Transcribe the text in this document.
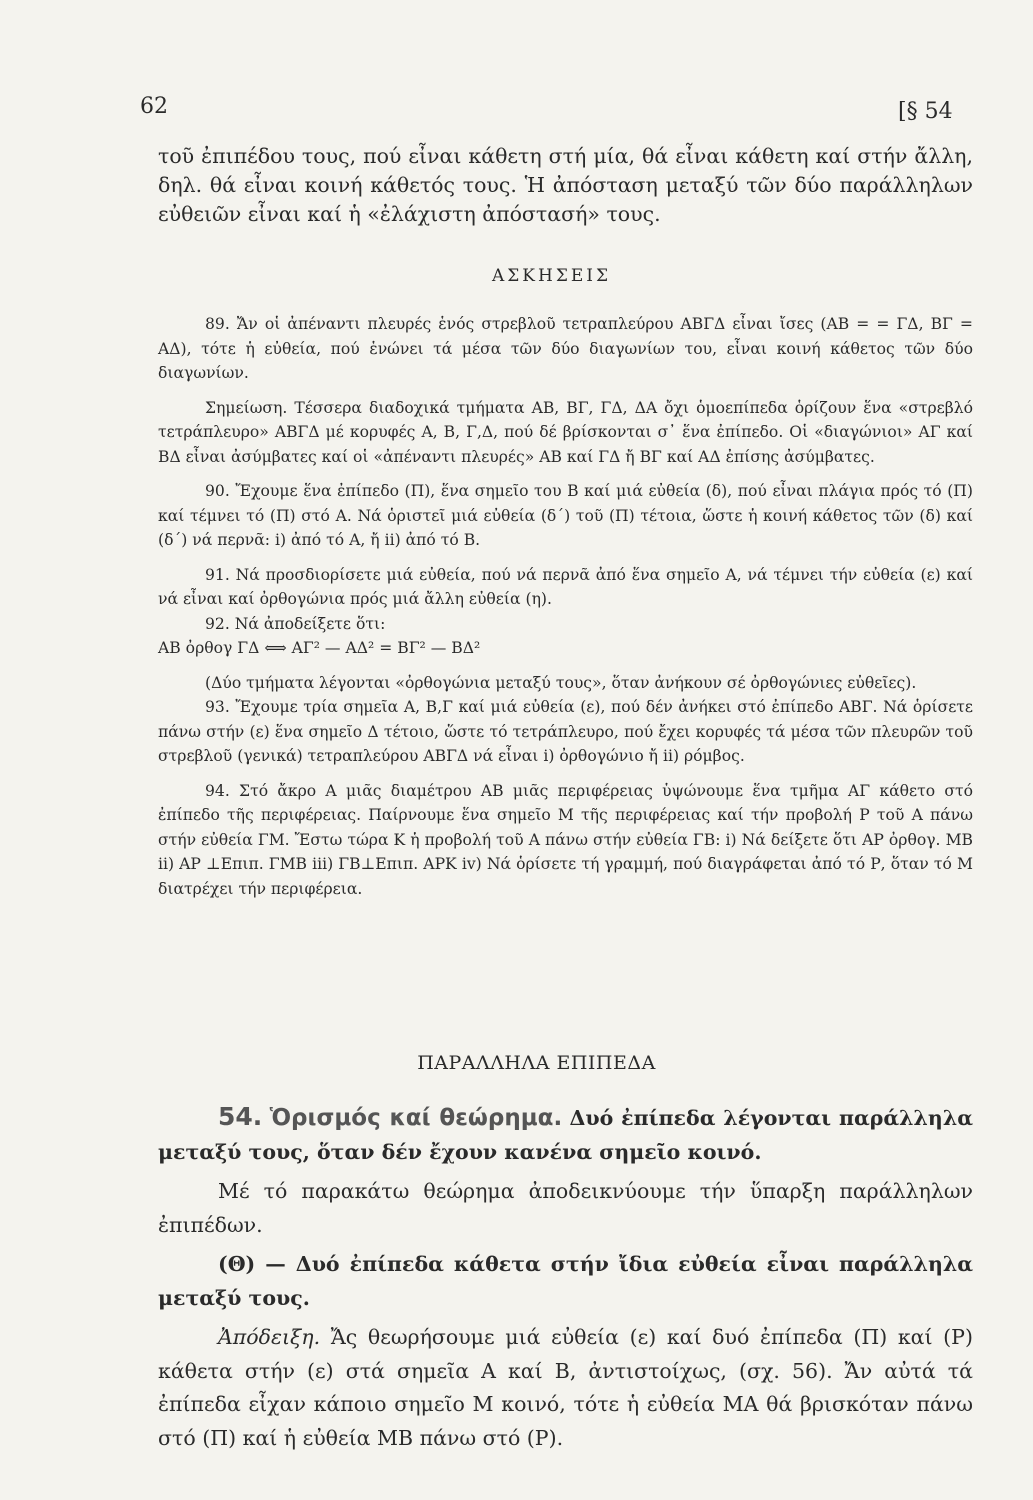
62	[§ 54

τοῦ ἐπιπέδου τους, πού εἶναι κάθετη στή μία, θά εἶναι κάθετη καί στήν ἄλλη, δηλ. θά εἶναι κοινή κάθετός τους. Ἡ ἀπόσταση μεταξύ τῶν δύο παράλληλων εὐθειῶν εἶναι καί ἡ «ἐλάχιστη ἀπόστασή» τους.

ΑΣΚΗΣΕΙΣ

89. Ἄν οἱ ἀπέναντι πλευρές ἑνός στρεβλοῦ τετραπλεύρου ΑΒΓΔ εἶναι ἴσες (ΑΒ = = ΓΔ, ΒΓ = ΑΔ), τότε ἡ εὐθεία, πού ἑνώνει τά μέσα τῶν δύο διαγωνίων του, εἶναι κοινή κάθετος τῶν δύο διαγωνίων.

Σημείωση. Τέσσερα διαδοχικά τμήματα ΑΒ, ΒΓ, ΓΔ, ΔΑ ὄχι ὁμοεπίπεδα ὁρίζουν ἕνα «στρεβλό τετράπλευρο» ΑΒΓΔ μέ κορυφές Α, Β, Γ,Δ, πού δέ βρίσκονται σ᾿ ἕνα ἐπίπεδο. Οἱ «διαγώνιοι» ΑΓ καί ΒΔ εἶναι ἀσύμβατες καί οἱ «ἀπέναντι πλευρές» ΑΒ καί ΓΔ ἤ ΒΓ καί ΑΔ ἐπίσης ἀσύμβατες.

90. Ἔχουμε ἕνα ἐπίπεδο (Π), ἕνα σημεῖο του Β καί μιά εὐθεία (δ), πού εἶναι πλάγια πρός τό (Π) καί τέμνει τό (Π) στό Α. Νά ὁριστεῖ μιά εὐθεία (δ΄) τοῦ (Π) τέτοια, ὥστε ἡ κοινή κάθετος τῶν (δ) καί (δ΄) νά περνᾶ: i) ἀπό τό Α, ἤ ii) ἀπό τό Β.

91. Νά προσδιορίσετε μιά εὐθεία, πού νά περνᾶ ἀπό ἕνα σημεῖο Α, νά τέμνει τήν εὐθεία (ε) καί νά εἶναι καί ὀρθογώνια πρός μιά ἄλλη εὐθεία (η).

92. Νά ἀποδείξετε ὅτι:

ΑΒ ὀρθογ ΓΔ ⟺ ΑΓ² — ΑΔ² = ΒΓ² — ΒΔ²

(Δύο τμήματα λέγονται «ὀρθογώνια μεταξύ τους», ὅταν ἀνήκουν σέ ὀρθογώνιες εὐθεῖες).

93. Ἔχουμε τρία σημεῖα Α, Β,Γ καί μιά εὐθεία (ε), πού δέν ἀνήκει στό ἐπίπεδο ΑΒΓ. Νά ὁρίσετε πάνω στήν (ε) ἕνα σημεῖο Δ τέτοιο, ὥστε τό τετράπλευρο, πού ἔχει κορυφές τά μέσα τῶν πλευρῶν τοῦ στρεβλοῦ (γενικά) τετραπλεύρου ΑΒΓΔ νά εἶναι i) ὀρθογώνιο ἤ ii) ρόμβος.

94. Στό ἄκρο Α μιᾶς διαμέτρου ΑΒ μιᾶς περιφέρειας ὑψώνουμε ἕνα τμῆμα ΑΓ κάθετο στό ἐπίπεδο τῆς περιφέρειας. Παίρνουμε ἕνα σημεῖο Μ τῆς περιφέρειας καί τήν προβολή Ρ τοῦ Α πάνω στήν εὐθεία ΓΜ. Ἔστω τώρα Κ ἡ προβολή τοῦ Α πάνω στήν εὐθεία ΓΒ: i) Νά δείξετε ὅτι ΑΡ ὀρθογ. ΜΒ ii) ΑΡ ⊥Επιπ. ΓΜΒ iii) ΓΒ⊥Επιπ. ΑΡΚ iv) Νά ὁρίσετε τή γραμμή, πού διαγράφεται ἀπό τό Ρ, ὅταν τό Μ διατρέχει τήν περιφέρεια.

ΠΑΡΑΛΛΗΛΑ ΕΠΙΠΕΔΑ

54. Ὁρισμός καί θεώρημα. Δυό ἐπίπεδα λέγονται παράλληλα μεταξύ τους, ὅταν δέν ἔχουν κανένα σημεῖο κοινό.

Μέ τό παρακάτω θεώρημα ἀποδεικνύουμε τήν ὕπαρξη παράλληλων ἐπιπέδων.

(Θ) — Δυό ἐπίπεδα κάθετα στήν ἴδια εὐθεία εἶναι παράλληλα μεταξύ τους.

Ἀπόδειξη. Ἄς θεωρήσουμε μιά εὐθεία (ε) καί δυό ἐπίπεδα (Π) καί (Ρ) κάθετα στήν (ε) στά σημεῖα Α καί Β, ἀντιστοίχως, (σχ. 56). Ἄν αὐτά τά ἐπίπεδα εἶχαν κάποιο σημεῖο Μ κοινό, τότε ἡ εὐθεία ΜΑ θά βρισκόταν πάνω στό (Π) καί ἡ εὐθεία ΜΒ πάνω στό (Ρ).
